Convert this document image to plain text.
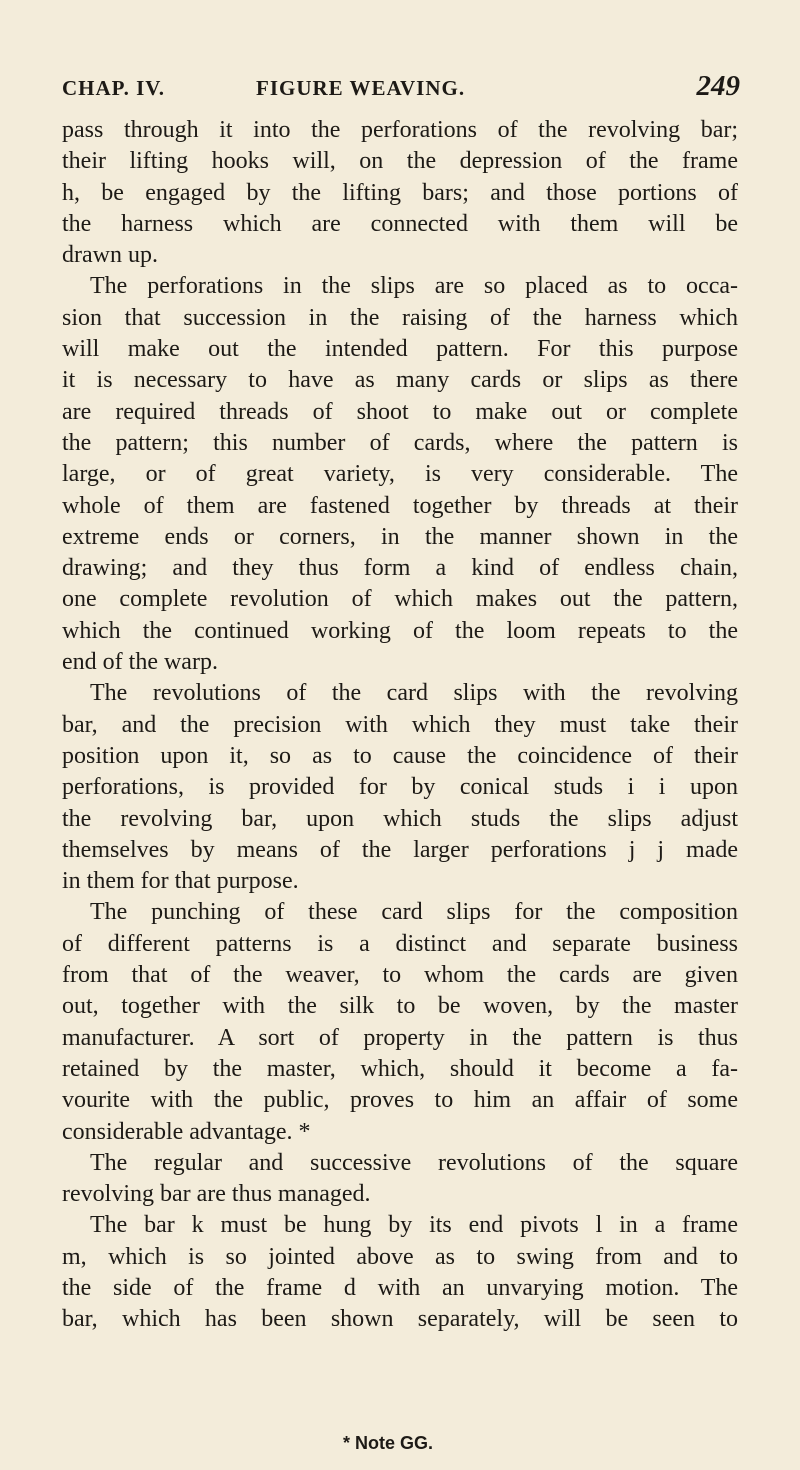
CHAP. IV.	FIGURE WEAVING.	249
pass through it into the perforations of the revolving bar;
their lifting hooks will, on the depression of the frame
h, be engaged by the lifting bars; and those portions of
the harness which are connected with them will be
drawn up.
The perforations in the slips are so placed as to occa-
sion that succession in the raising of the harness which
will make out the intended pattern. For this purpose
it is necessary to have as many cards or slips as there
are required threads of shoot to make out or complete
the pattern; this number of cards, where the pattern is
large, or of great variety, is very considerable. The
whole of them are fastened together by threads at their
extreme ends or corners, in the manner shown in the
drawing; and they thus form a kind of endless chain,
one complete revolution of which makes out the pattern,
which the continued working of the loom repeats to the
end of the warp.
The revolutions of the card slips with the revolving
bar, and the precision with which they must take their
position upon it, so as to cause the coincidence of their
perforations, is provided for by conical studs i i upon
the revolving bar, upon which studs the slips adjust
themselves by means of the larger perforations j j made
in them for that purpose.
The punching of these card slips for the composition
of different patterns is a distinct and separate business
from that of the weaver, to whom the cards are given
out, together with the silk to be woven, by the master
manufacturer. A sort of property in the pattern is thus
retained by the master, which, should it become a fa-
vourite with the public, proves to him an affair of some
considerable advantage. *
The regular and successive revolutions of the square
revolving bar are thus managed.
The bar k must be hung by its end pivots l in a frame
m, which is so jointed above as to swing from and to
the side of the frame d with an unvarying motion. The
bar, which has been shown separately, will be seen to
* Note GG.
